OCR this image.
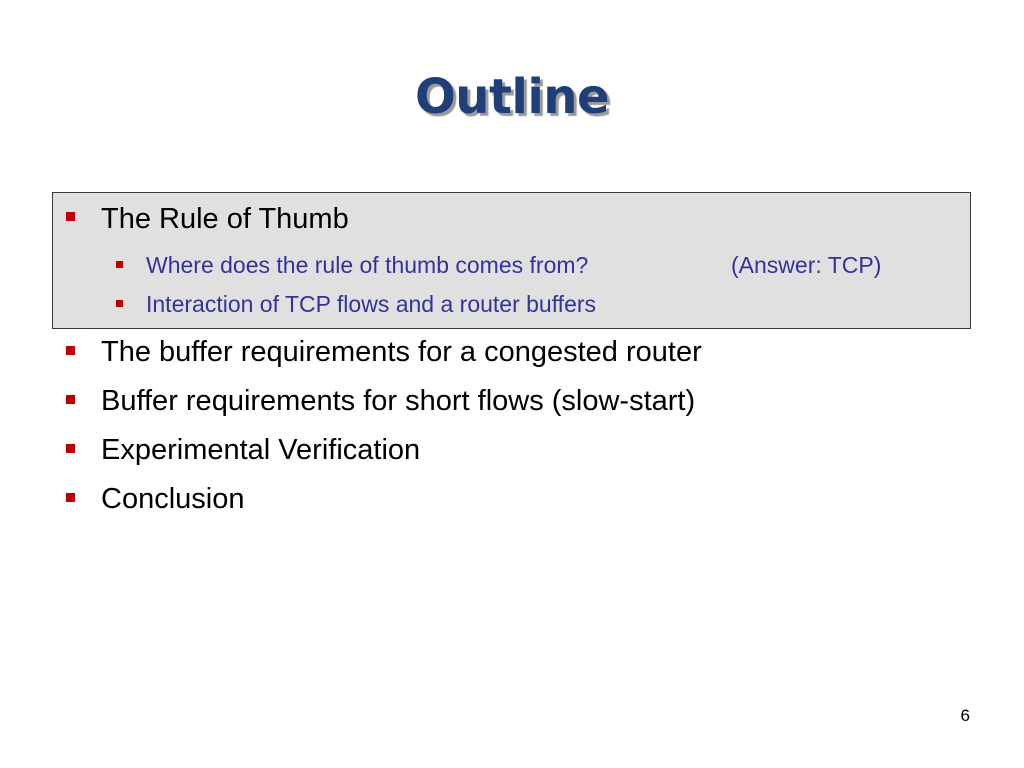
Outline
The Rule of Thumb
Where does the rule of thumb comes from?	(Answer: TCP)
Interaction of TCP flows and a router buffers
The buffer requirements for a congested router
Buffer requirements for short flows (slow-start)
Experimental Verification
Conclusion
6
